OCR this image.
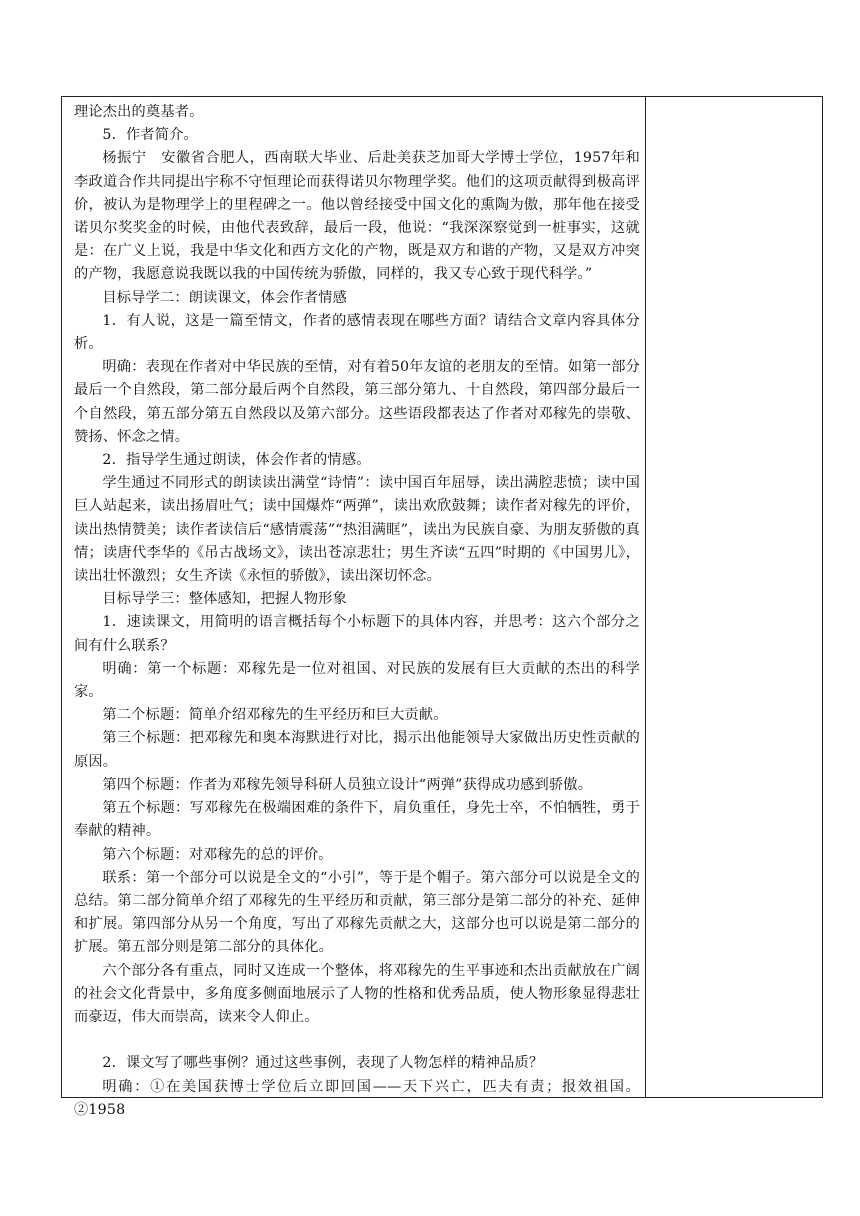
理论杰出的奠基者。

5．作者简介。

杨振宁　安徽省合肥人，西南联大毕业、后赴美获芝加哥大学博士学位，1957年和李政道合作共同提出宇称不守恒理论而获得诺贝尔物理学奖。他们的这项贡献得到极高评价，被认为是物理学上的里程碑之一。他以曾经接受中国文化的熏陶为傲，那年他在接受诺贝尔奖奖金的时候，由他代表致辞，最后一段，他说：“我深深察觉到一桩事实，这就是：在广义上说，我是中华文化和西方文化的产物，既是双方和谐的产物，又是双方冲突的产物，我愿意说我既以我的中国传统为骄傲，同样的，我又专心致于现代科学。”

目标导学二：朗读课文，体会作者情感

1．有人说，这是一篇至情文，作者的感情表现在哪些方面？请结合文章内容具体分析。

明确：表现在作者对中华民族的至情，对有着50年友谊的老朋友的至情。如第一部分最后一个自然段，第二部分最后两个自然段，第三部分第九、十自然段，第四部分最后一个自然段，第五部分第五自然段以及第六部分。这些语段都表达了作者对邓稼先的崇敬、赞扬、怀念之情。

2．指导学生通过朗读，体会作者的情感。

学生通过不同形式的朗读读出满堂“诗情”：读中国百年屈辱，读出满腔悲愤；读中国巨人站起来，读出扬眉吐气；读中国爆炸“两弹”，读出欢欣鼓舞；读作者对稼先的评价，读出热情赞美；读作者读信后“感情震荡”“热泪满眶”，读出为民族自豪、为朋友骄傲的真情；读唐代李华的《吊古战场文》，读出苍凉悲壮；男生齐读“五四”时期的《中国男儿》，读出壮怀激烈；女生齐读《永恒的骄傲》，读出深切怀念。

目标导学三：整体感知，把握人物形象

1．速读课文，用简明的语言概括每个小标题下的具体内容，并思考：这六个部分之间有什么联系？

明确：第一个标题：邓稼先是一位对祖国、对民族的发展有巨大贡献的杰出的科学家。

第二个标题：简单介绍邓稼先的生平经历和巨大贡献。

第三个标题：把邓稼先和奥本海默进行对比，揭示出他能领导大家做出历史性贡献的原因。

第四个标题：作者为邓稼先领导科研人员独立设计“两弹”获得成功感到骄傲。

第五个标题：写邓稼先在极端困难的条件下，肩负重任，身先士卒，不怕牺牲，勇于奉献的精神。

第六个标题：对邓稼先的总的评价。

联系：第一个部分可以说是全文的“小引”，等于是个帽子。第六部分可以说是全文的总结。第二部分简单介绍了邓稼先的生平经历和贡献，第三部分是第二部分的补充、延伸和扩展。第四部分从另一个角度，写出了邓稼先贡献之大，这部分也可以说是第二部分的扩展。第五部分则是第二部分的具体化。

六个部分各有重点，同时又连成一个整体，将邓稼先的生平事迹和杰出贡献放在广阔的社会文化背景中，多角度多侧面地展示了人物的性格和优秀品质，使人物形象显得悲壮而豪迈，伟大而崇高，读来令人仰止。

2．课文写了哪些事例？通过这些事例，表现了人物怎样的精神品质？

明确：①在美国获博士学位后立即回国——天下兴亡，匹夫有责；报效祖国。②1958
